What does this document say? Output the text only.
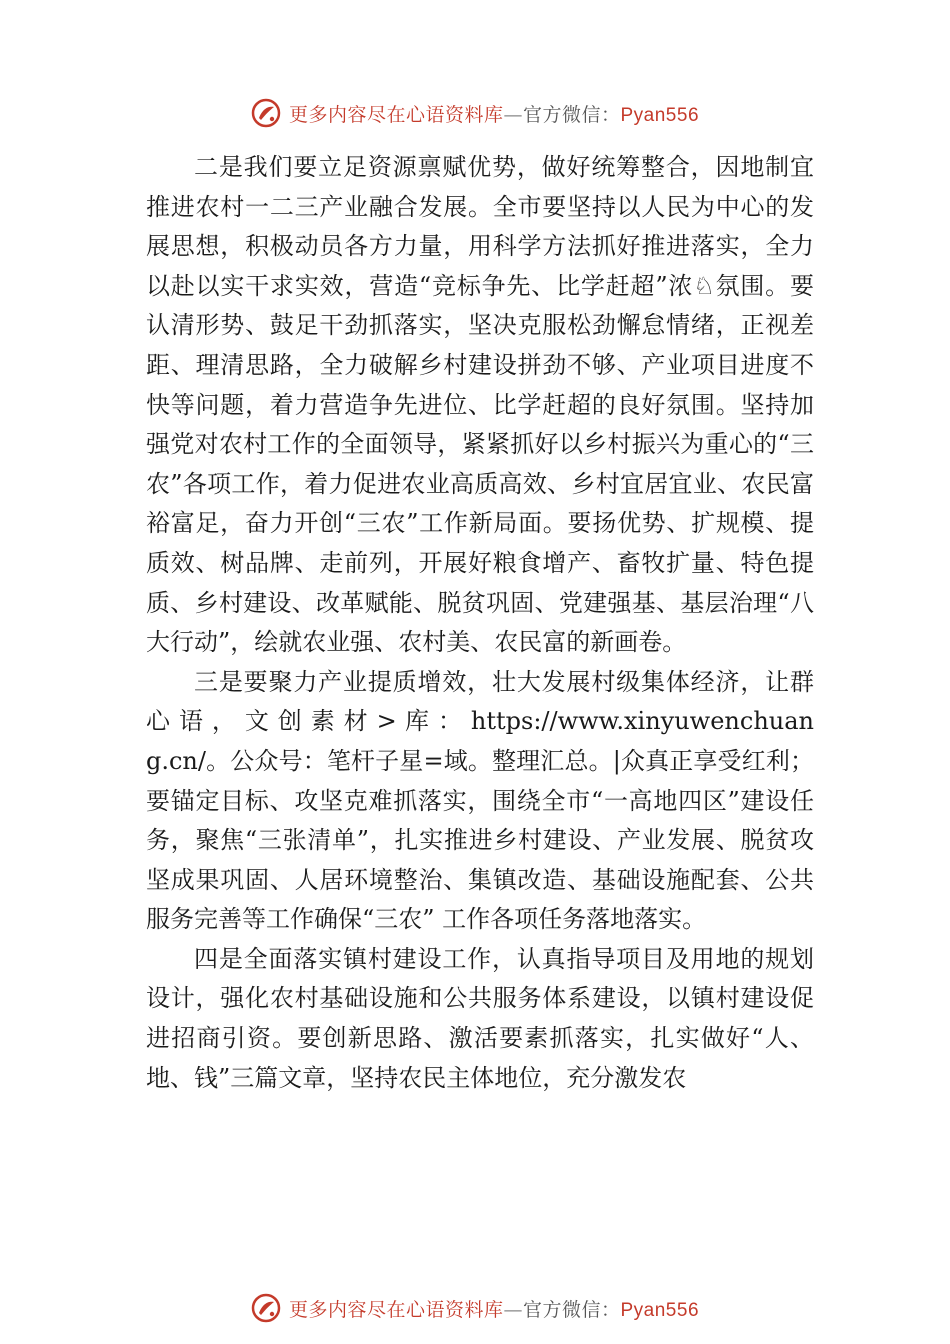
更多内容尽在心语资料库—官方微信：Pyan556

二是我们要立足资源禀赋优势，做好统筹整合，因地制宜推进农村一二三产业融合发展。全市要坚持以人民为中心的发展思想，积极动员各方力量，用科学方法抓好推进落实，全力以赴以实干求实效，营造“竞标争先、比学赶超”浓♘氛围。要认清形势、鼓足干劲抓落实，坚决克服松劲懈怠情绪，正视差距、理清思路，全力破解乡村建设拼劲不够、产业项目进度不快等问题，着力营造争先进位、比学赶超的良好氛围。坚持加强党对农村工作的全面领导，紧紧抓好以乡村振兴为重心的“三农”各项工作，着力促进农业高质高效、乡村宜居宜业、农民富裕富足，奋力开创“三农”工作新局面。要扬优势、扩规模、提质效、树品牌、走前列，开展好粮食增产、畜牧扩量、特色提质、乡村建设、改革赋能、脱贫巩固、党建强基、基层治理“八大行动”，绘就农业强、农村美、农民富的新画卷。

三是要聚力产业提质增效，壮大发展村级集体经济，让群 心 语 ， 文 创 素 材 > 库 ： https://www.xinyuwenchuang.cn/。公众号：笔杆子星=域。整理汇总。|众真正享受红利；要锚定目标、攻坚克难抓落实，围绕全市“一高地四区”建设任务，聚焦“三张清单”，扎实推进乡村建设、产业发展、脱贫攻坚成果巩固、人居环境整治、集镇改造、基础设施配套、公共服务完善等工作确保“三农” 工作各项任务落地落实。

四是全面落实镇村建设工作，认真指导项目及用地的规划设计，强化农村基础设施和公共服务体系建设，以镇村建设促进招商引资。要创新思路、激活要素抓落实，扎实做好“人、地、钱”三篇文章，坚持农民主体地位，充分激发农

更多内容尽在心语资料库—官方微信：Pyan556
